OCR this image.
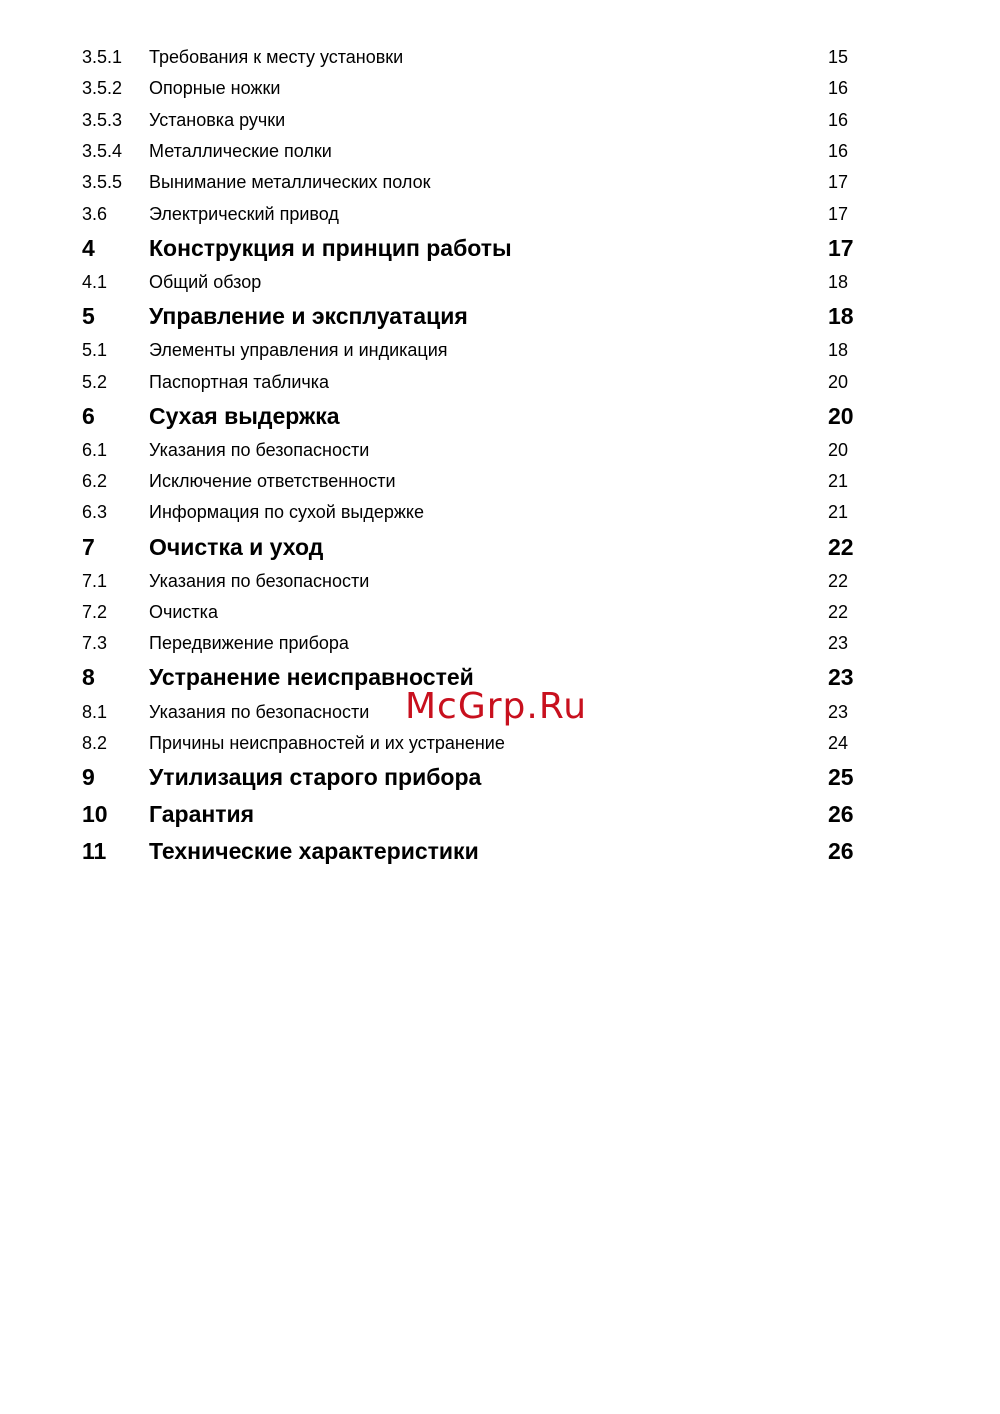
3.5.1	Требования к месту установки	15
3.5.2	Опорные ножки	16
3.5.3	Установка ручки	16
3.5.4	Металлические полки	16
3.5.5	Вынимание металлических полок	17
3.6	Электрический привод	17
4	Конструкция и принцип работы	17
4.1	Общий обзор	18
5	Управление и эксплуатация	18
5.1	Элементы управления и индикация	18
5.2	Паспортная табличка	20
6	Сухая выдержка	20
6.1	Указания по безопасности	20
6.2	Исключение ответственности	21
6.3	Информация по сухой выдержке	21
7	Очистка и уход	22
7.1	Указания по безопасности	22
7.2	Очистка	22
7.3	Передвижение прибора	23
8	Устранение неисправностей	23
8.1	Указания по безопасности	23
8.2	Причины неисправностей и их устранение	24
9	Утилизация старого прибора	25
10	Гарантия	26
11	Технические характеристики	26
McGrp.Ru
